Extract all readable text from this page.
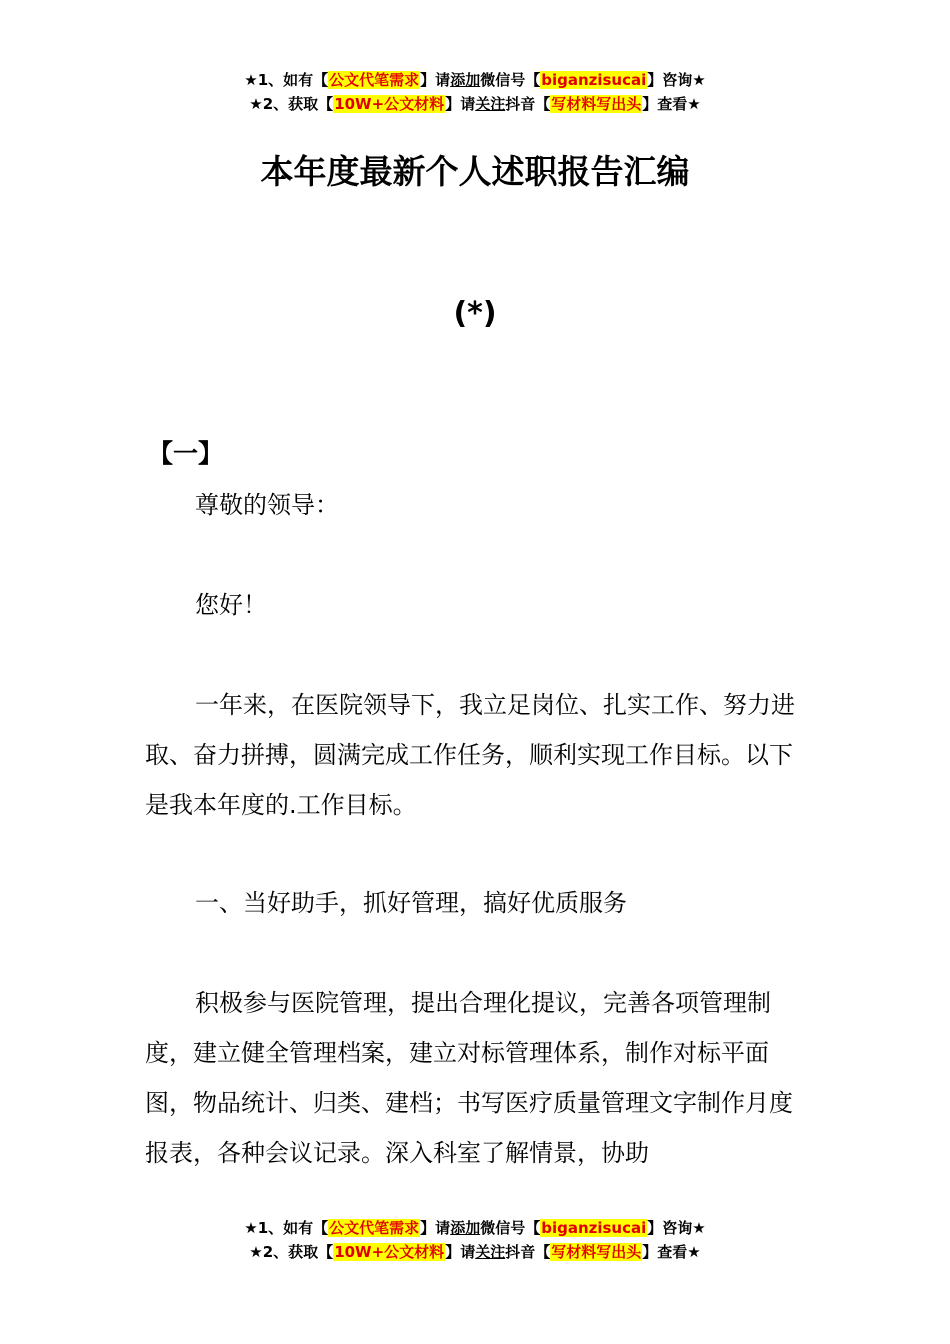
★1、如有【公文代笔需求】请添加微信号【biganzisucai】咨询★
★2、获取【10W+公文材料】请关注抖音【写材料写出头】查看★
本年度最新个人述职报告汇编
(*)
【一】

尊敬的领导：

您好！

一年来，在医院领导下，我立足岗位、扎实工作、努力进取、奋力拼搏，圆满完成工作任务，顺利实现工作目标。以下是我本年度的.工作目标。

一、当好助手，抓好管理，搞好优质服务

积极参与医院管理，提出合理化提议，完善各项管理制度，建立健全管理档案，建立对标管理体系，制作对标平面图，物品统计、归类、建档；书写医疗质量管理文字制作月度报表，各种会议记录。深入科室了解情景，协助

★1、如有【公文代笔需求】请添加微信号【biganzisucai】咨询★
★2、获取【10W+公文材料】请关注抖音【写材料写出头】查看★
